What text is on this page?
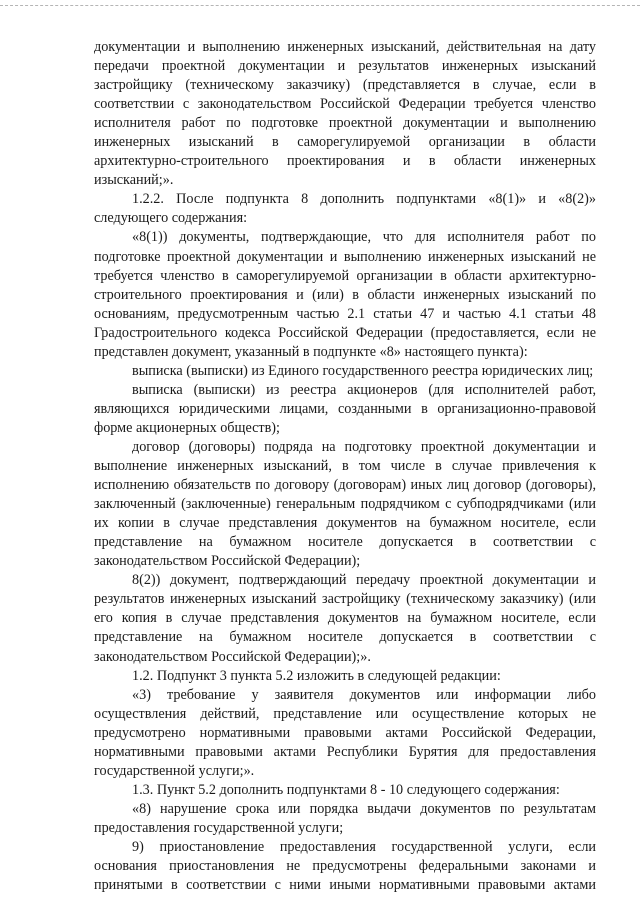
документации и выполнению инженерных изысканий, действительная на дату передачи проектной документации и результатов инженерных изысканий застройщику (техническому заказчику) (представляется в случае, если в соответствии с законодательством Российской Федерации требуется членство исполнителя работ по подготовке проектной документации и выполнению инженерных изысканий в саморегулируемой организации в области архитектурно-строительного проектирования и в области инженерных изысканий;».

1.2.2. После подпункта 8 дополнить подпунктами «8(1)» и «8(2)» следующего содержания:

«8(1)) документы, подтверждающие, что для исполнителя работ по подготовке проектной документации и выполнению инженерных изысканий не требуется членство в саморегулируемой организации в области архитектурно-строительного проектирования и (или) в области инженерных изысканий по основаниям, предусмотренным частью 2.1 статьи 47 и частью 4.1 статьи 48 Градостроительного кодекса Российской Федерации (предоставляется, если не представлен документ, указанный в подпункте «8» настоящего пункта):

выписка (выписки) из Единого государственного реестра юридических лиц;

выписка (выписки) из реестра акционеров (для исполнителей работ, являющихся юридическими лицами, созданными в организационно-правовой форме акционерных обществ);

договор (договоры) подряда на подготовку проектной документации и выполнение инженерных изысканий, в том числе в случае привлечения к исполнению обязательств по договору (договорам) иных лиц договор (договоры), заключенный (заключенные) генеральным подрядчиком с субподрядчиками (или их копии в случае представления документов на бумажном носителе, если представление на бумажном носителе допускается в соответствии с законодательством Российской Федерации);

8(2)) документ, подтверждающий передачу проектной документации и результатов инженерных изысканий застройщику (техническому заказчику) (или его копия в случае представления документов на бумажном носителе, если представление на бумажном носителе допускается в соответствии с законодательством Российской Федерации);».

1.2. Подпункт 3 пункта 5.2 изложить в следующей редакции:

«3) требование у заявителя документов или информации либо осуществления действий, представление или осуществление которых не предусмотрено нормативными правовыми актами Российской Федерации, нормативными правовыми актами Республики Бурятия для предоставления государственной услуги;».

1.3. Пункт 5.2 дополнить подпунктами 8 - 10 следующего содержания:

«8) нарушение срока или порядка выдачи документов по результатам предоставления государственной услуги;

9) приостановление предоставления государственной услуги, если основания приостановления не предусмотрены федеральными законами и принятыми в соответствии с ними иными нормативными правовыми актами
